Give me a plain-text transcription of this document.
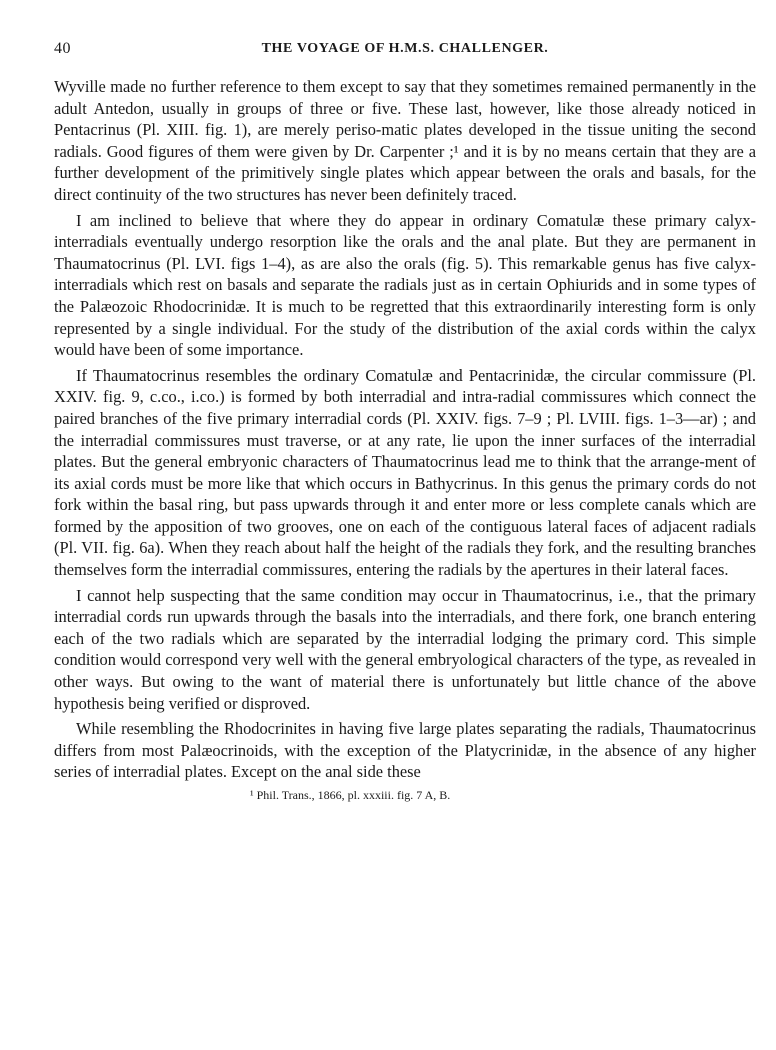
40	THE VOYAGE OF H.M.S. CHALLENGER.

Wyville made no further reference to them except to say that they sometimes remained permanently in the adult Antedon, usually in groups of three or five. These last, however, like those already noticed in Pentacrinus (Pl. XIII. fig. 1), are merely periso-matic plates developed in the tissue uniting the second radials. Good figures of them were given by Dr. Carpenter ;¹ and it is by no means certain that they are a further development of the primitively single plates which appear between the orals and basals, for the direct continuity of the two structures has never been definitely traced.

I am inclined to believe that where they do appear in ordinary Comatulæ these primary calyx-interradials eventually undergo resorption like the orals and the anal plate. But they are permanent in Thaumatocrinus (Pl. LVI. figs 1–4), as are also the orals (fig. 5). This remarkable genus has five calyx-interradials which rest on basals and separate the radials just as in certain Ophiurids and in some types of the Palæozoic Rhodocrinidæ. It is much to be regretted that this extraordinarily interesting form is only represented by a single individual. For the study of the distribution of the axial cords within the calyx would have been of some importance.

If Thaumatocrinus resembles the ordinary Comatulæ and Pentacrinidæ, the circular commissure (Pl. XXIV. fig. 9, c.co., i.co.) is formed by both interradial and intra-radial commissures which connect the paired branches of the five primary interradial cords (Pl. XXIV. figs. 7–9 ; Pl. LVIII. figs. 1–3—ar) ; and the interradial commissures must traverse, or at any rate, lie upon the inner surfaces of the interradial plates. But the general embryonic characters of Thaumatocrinus lead me to think that the arrange-ment of its axial cords must be more like that which occurs in Bathycrinus. In this genus the primary cords do not fork within the basal ring, but pass upwards through it and enter more or less complete canals which are formed by the apposition of two grooves, one on each of the contiguous lateral faces of adjacent radials (Pl. VII. fig. 6a). When they reach about half the height of the radials they fork, and the resulting branches themselves form the interradial commissures, entering the radials by the apertures in their lateral faces.

I cannot help suspecting that the same condition may occur in Thaumatocrinus, i.e., that the primary interradial cords run upwards through the basals into the interradials, and there fork, one branch entering each of the two radials which are separated by the interradial lodging the primary cord. This simple condition would correspond very well with the general embryological characters of the type, as revealed in other ways. But owing to the want of material there is unfortunately but little chance of the above hypothesis being verified or disproved.

While resembling the Rhodocrinites in having five large plates separating the radials, Thaumatocrinus differs from most Palæocrinoids, with the exception of the Platycrinidæ, in the absence of any higher series of interradial plates. Except on the anal side these

¹ Phil. Trans., 1866, pl. xxxiii. fig. 7 A, B.
